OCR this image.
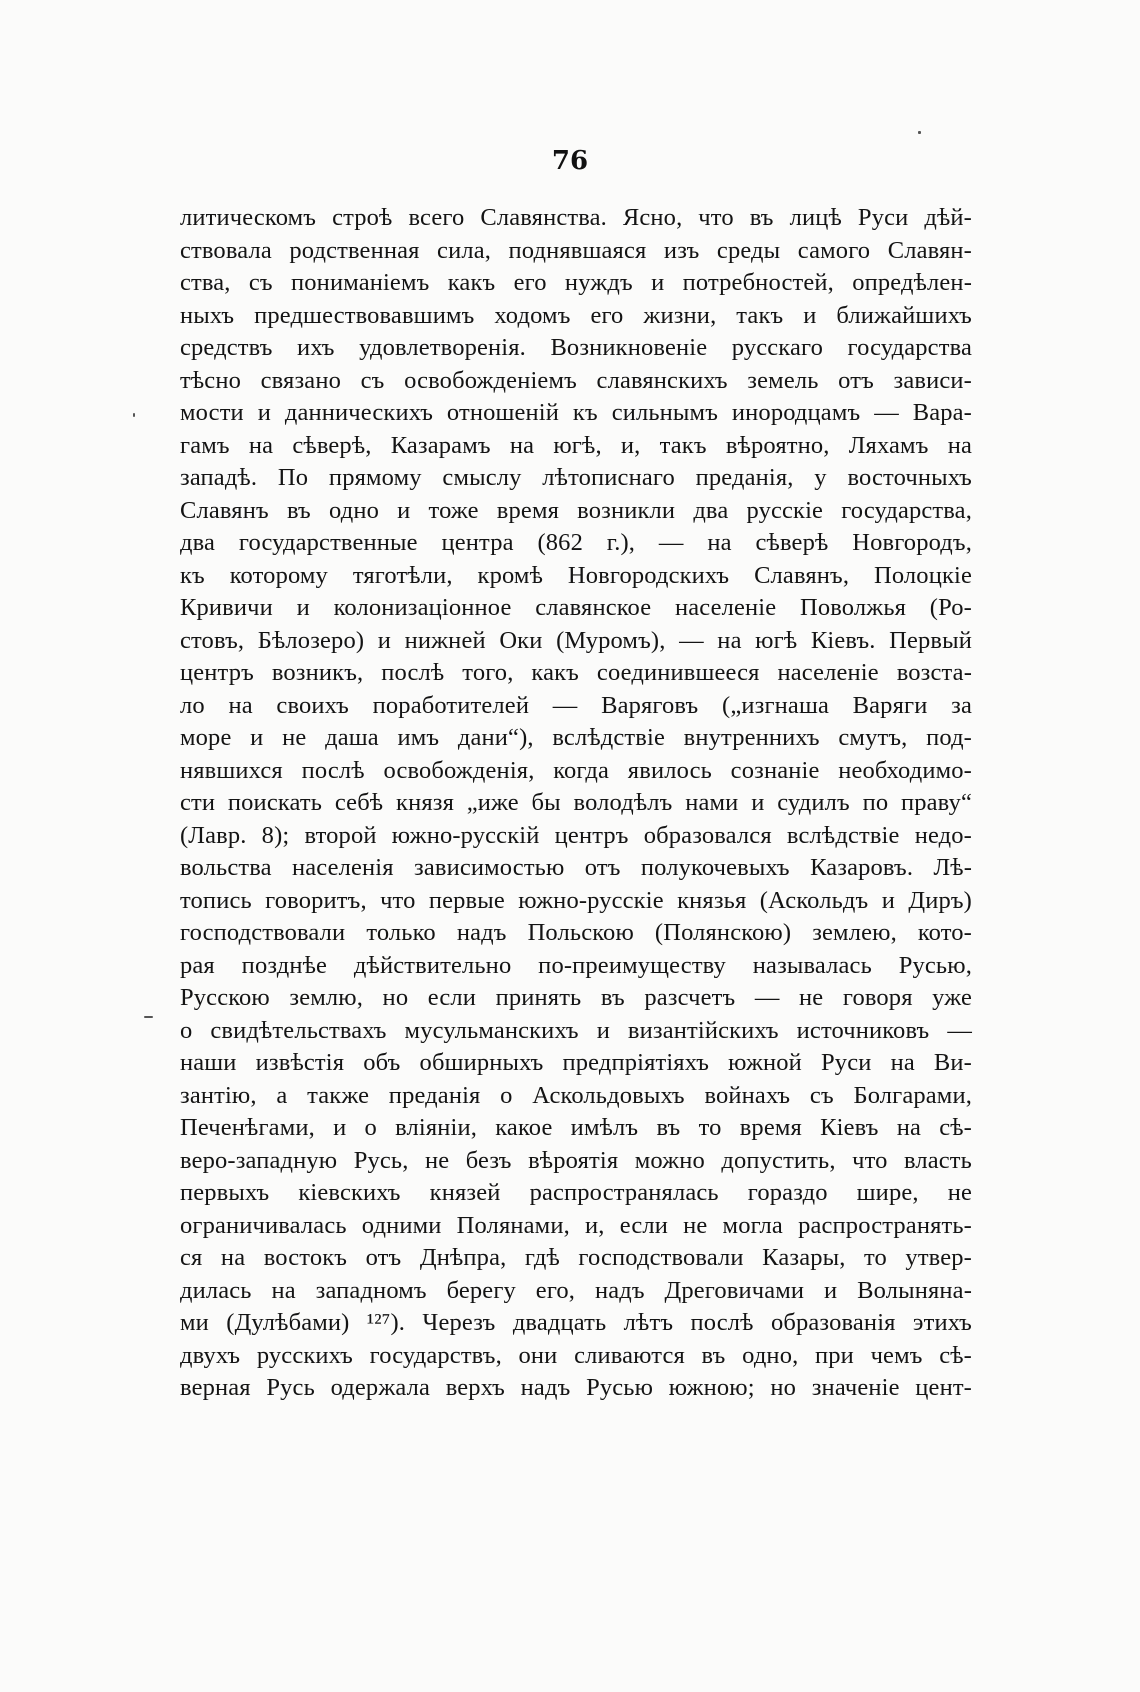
76
литическомъ строѣ всего Славянства. Ясно, что въ лицѣ Руси дѣй-
ствовала родственная сила, поднявшаяся изъ среды самого Славян-
ства, съ пониманіемъ какъ его нуждъ и потребностей, опредѣлен-
ныхъ предшествовавшимъ ходомъ его жизни, такъ и ближайшихъ
средствъ ихъ удовлетворенія. Возникновеніе русскаго государства
тѣсно связано съ освобожденіемъ славянскихъ земель отъ зависи-
мости и данническихъ отношеній къ сильнымъ инородцамъ — Вара-
гамъ на сѣверѣ, Казарамъ на югѣ, и, такъ вѣроятно, Ляхамъ на
западѣ. По прямому смыслу лѣтописнаго преданія, у восточныхъ
Славянъ въ одно и тоже время возникли два русскіе государства,
два государственные центра (862 г.), — на сѣверѣ Новгородъ,
къ которому тяготѣли, кромѣ Новгородскихъ Славянъ, Полоцкіе
Кривичи и колонизаціонное славянское населеніе Поволжья (Ро-
стовъ, Бѣлозеро) и нижней Оки (Муромъ), — на югѣ Кіевъ. Первый
центръ возникъ, послѣ того, какъ соединившееся населеніе возста-
ло на своихъ поработителей — Варяговъ („изгнаша Варяги за
море и не даша имъ дани“), вслѣдствіе внутреннихъ смутъ, под-
нявшихся послѣ освобожденія, когда явилось сознаніе необходимо-
сти поискать себѣ князя „иже бы володѣлъ нами и судилъ по праву“
(Лавр. 8); второй южно-русскій центръ образовался вслѣдствіе недо-
вольства населенія зависимостью отъ полукочевыхъ Казаровъ. Лѣ-
топись говоритъ, что первые южно-русскіе князья (Аскольдъ и Диръ)
господствовали только надъ Польскою (Полянскою) землею, кото-
рая позднѣе дѣйствительно по-преимуществу называлась Русью,
Русскою землю, но если принять въ разсчетъ — не говоря уже
о свидѣтельствахъ мусульманскихъ и византійскихъ источниковъ —
наши извѣстія объ обширныхъ предпріятіяхъ южной Руси на Ви-
зантію, а также преданія о Аскольдовыхъ войнахъ съ Болгарами,
Печенѣгами, и о вліяніи, какое имѣлъ въ то время Кіевъ на сѣ-
веро-западную Русь, не безъ вѣроятія можно допустить, что власть
первыхъ кіевскихъ князей распространялась гораздо шире, не
ограничивалась одними Полянами, и, если не могла распространять-
ся на востокъ отъ Днѣпра, гдѣ господствовали Казары, то утвер-
дилась на западномъ берегу его, надъ Дреговичами и Волыняна-
ми (Дулѣбами) ¹²⁷). Черезъ двадцать лѣтъ послѣ образованія этихъ
двухъ русскихъ государствъ, они сливаются въ одно, при чемъ сѣ-
верная Русь одержала верхъ надъ Русью южною; но значеніе цент-
